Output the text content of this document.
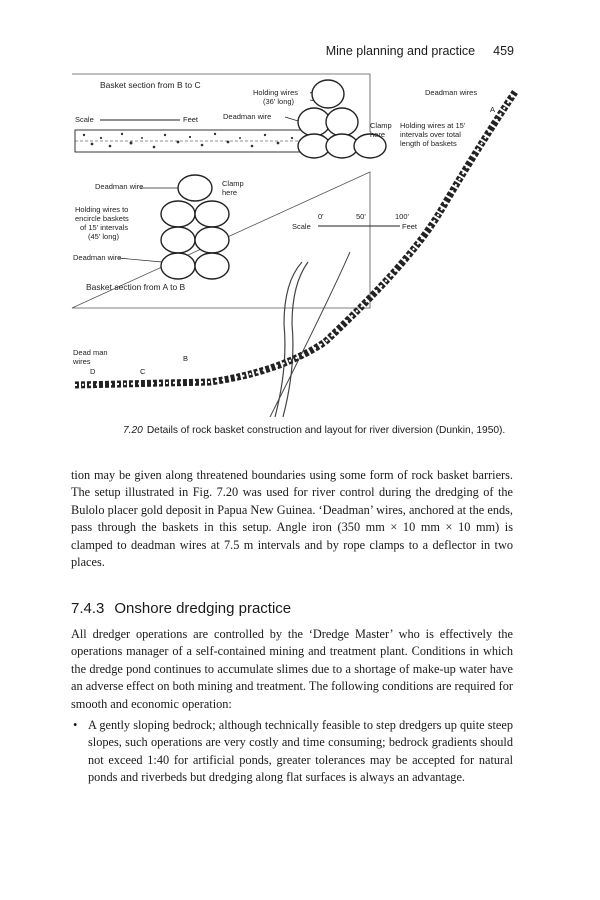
Mine planning and practice 459
Basket section from B to C
Holding wires
(36' long)
Deadman wire
Scale	Feet
Clamp
here
Deadman wires
A
Holding wires at 15'
intervals over total
length of baskets
Deadman wire	Clamp
here
Holding wires to
encircle baskets
of 15' intervals
(45' long)
Deadman wire
Basket section from A to B
0'	50'	100'
Scale	Feet
Dead man
wires
D	C
B
7.20 Details of rock basket construction and layout for river diversion (Dunkin, 1950).

tion may be given along threatened boundaries using some form of rock basket barriers. The setup illustrated in Fig. 7.20 was used for river control during the dredging of the Bulolo placer gold deposit in Papua New Guinea. ‘Deadman’ wires, anchored at the ends, pass through the baskets in this setup. Angle iron (350 mm × 10 mm × 10 mm) is clamped to deadman wires at 7.5 m intervals and by rope clamps to a deflector in two places.

7.4.3 Onshore dredging practice

All dredger operations are controlled by the ‘Dredge Master’ who is effectively the operations manager of a self-contained mining and treatment plant. Conditions in which the dredge pond continues to accumulate slimes due to a shortage of make-up water have an adverse effect on both mining and treatment. The following conditions are required for smooth and economic operation:

• A gently sloping bedrock; although technically feasible to step dredgers up quite steep slopes, such operations are very costly and time consuming; bedrock gradients should not exceed 1:40 for artificial ponds, greater tolerances may be accepted for natural ponds and riverbeds but dredging along flat surfaces is always an advantage.
